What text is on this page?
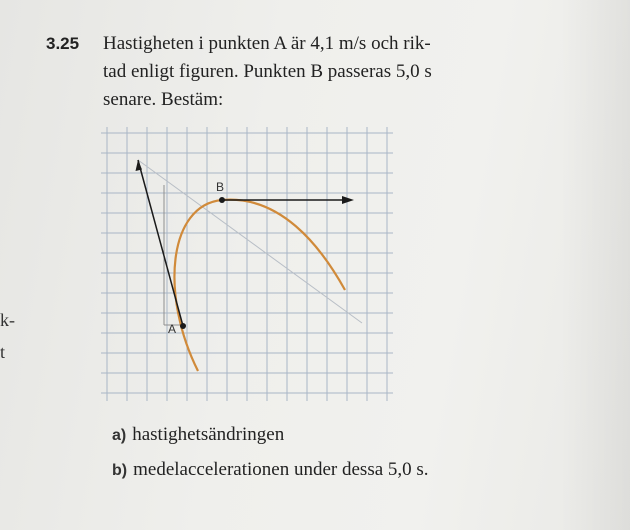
k-
t
3.25 Hastigheten i punkten A är 4,1 m/s och rik-
tad enligt figuren. Punkten B passeras 5,0 s
senare. Bestäm:
A
B
a) hastighetsändringen
b) medelaccelerationen under dessa 5,0 s.
